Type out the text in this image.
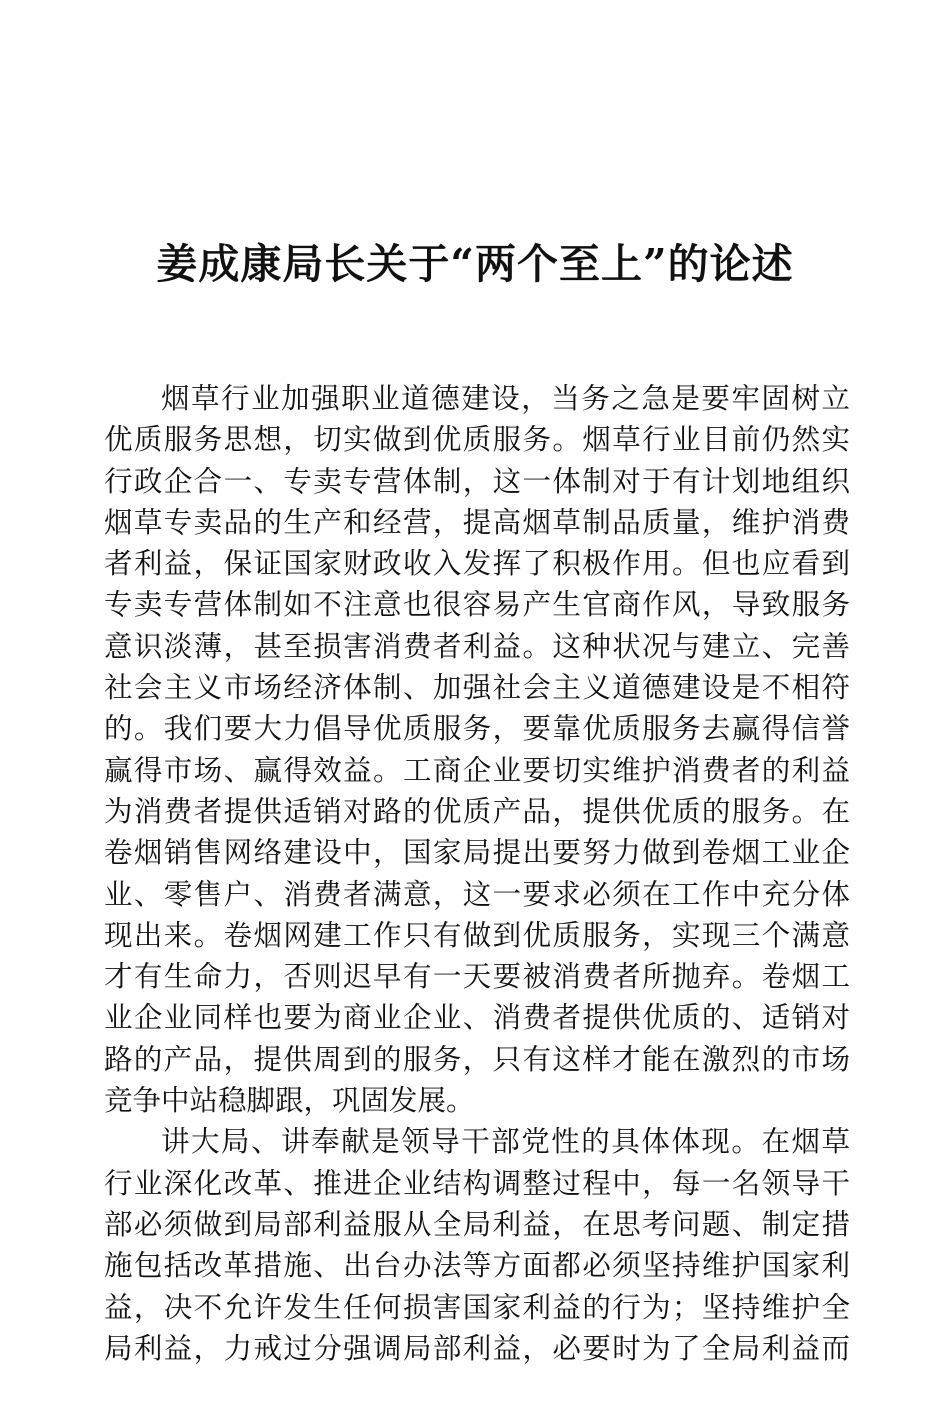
姜成康局长关于“两个至上”的论述
烟草行业加强职业道德建设，当务之急是要牢固树立
优质服务思想，切实做到优质服务。烟草行业目前仍然实
行政企合一、专卖专营体制，这一体制对于有计划地组织
烟草专卖品的生产和经营，提高烟草制品质量，维护消费
者利益，保证国家财政收入发挥了积极作用。但也应看到
专卖专营体制如不注意也很容易产生官商作风，导致服务
意识淡薄，甚至损害消费者利益。这种状况与建立、完善
社会主义市场经济体制、加强社会主义道德建设是不相符
的。我们要大力倡导优质服务，要靠优质服务去赢得信誉
赢得市场、赢得效益。工商企业要切实维护消费者的利益
为消费者提供适销对路的优质产品，提供优质的服务。在
卷烟销售网络建设中，国家局提出要努力做到卷烟工业企
业、零售户、消费者满意，这一要求必须在工作中充分体
现出来。卷烟网建工作只有做到优质服务，实现三个满意
才有生命力，否则迟早有一天要被消费者所抛弃。卷烟工
业企业同样也要为商业企业、消费者提供优质的、适销对
路的产品，提供周到的服务，只有这样才能在激烈的市场
竞争中站稳脚跟，巩固发展。
讲大局、讲奉献是领导干部党性的具体体现。在烟草
行业深化改革、推进企业结构调整过程中，每一名领导干
部必须做到局部利益服从全局利益，在思考问题、制定措
施包括改革措施、出台办法等方面都必须坚持维护国家利
益，决不允许发生任何损害国家利益的行为；坚持维护全
局利益，力戒过分强调局部利益，必要时为了全局利益而
